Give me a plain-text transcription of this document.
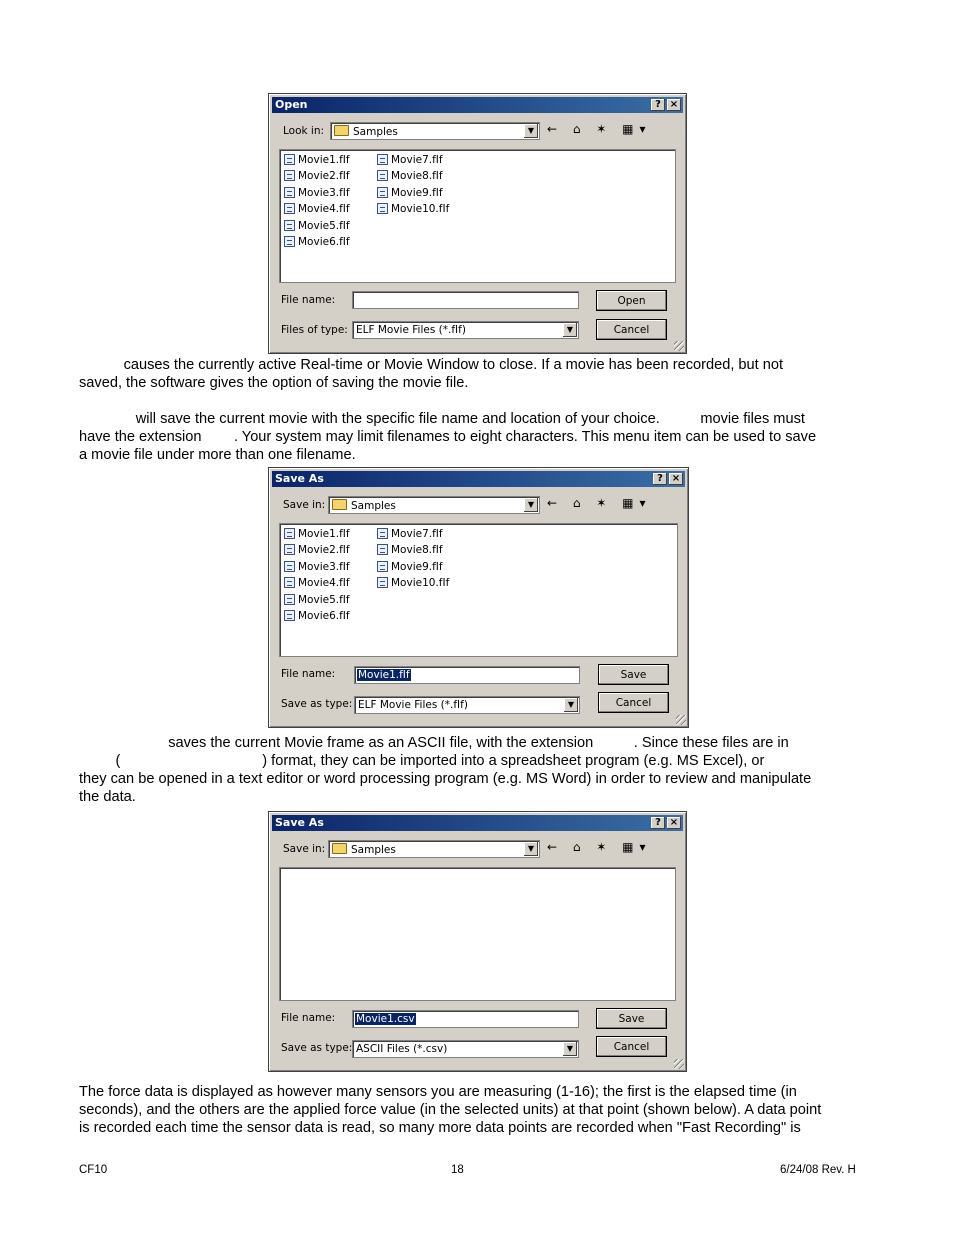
Open	? ×
Look in:	Samples	▼	← ⌂ ✶ ▦▾
Movie1.fIf
Movie2.fIf
Movie3.fIf
Movie4.fIf
Movie5.fIf
Movie6.fIf
Movie7.fIf
Movie8.fIf
Movie9.fIf
Movie10.fIf
File name:
Files of type: ELF Movie Files (*.fIf)	▼
Open
Cancel
causes the currently active Real-time or Movie Window to close. If a movie has been recorded, but not
saved, the software gives the option of saving the movie file.
will save the current movie with the specific file name and location of your choice.          movie files must
have the extension        . Your system may limit filenames to eight characters. This menu item can be used to save
a movie file under more than one filename.
Save As	? ×
Save in:	Samples	▼	← ⌂ ✶ ▦▾
Movie1.fIf
Movie2.fIf
Movie3.fIf
Movie4.fIf
Movie5.fIf
Movie6.fIf
Movie7.fIf
Movie8.fIf
Movie9.fIf
Movie10.fIf
File name: Movie1.fIf
Save as type: ELF Movie Files (*.fIf)	▼
Save
Cancel
saves the current Movie frame as an ASCII file, with the extension          . Since these files are in
(                                   ) format, they can be imported into a spreadsheet program (e.g. MS Excel), or
they can be opened in a text editor or word processing program (e.g. MS Word) in order to review and manipulate
the data.
Save As	? ×
Save in:	Samples	▼	← ⌂ ✶ ▦▾
File name: Movie1.csv
Save as type: ASCII Files (*.csv)	▼
Save
Cancel
The force data is displayed as however many sensors you are measuring (1-16); the first is the elapsed time (in
seconds), and the others are the applied force value (in the selected units) at that point (shown below). A data point
is recorded each time the sensor data is read, so many more data points are recorded when "Fast Recording" is
CF10	18	6/24/08 Rev. H
